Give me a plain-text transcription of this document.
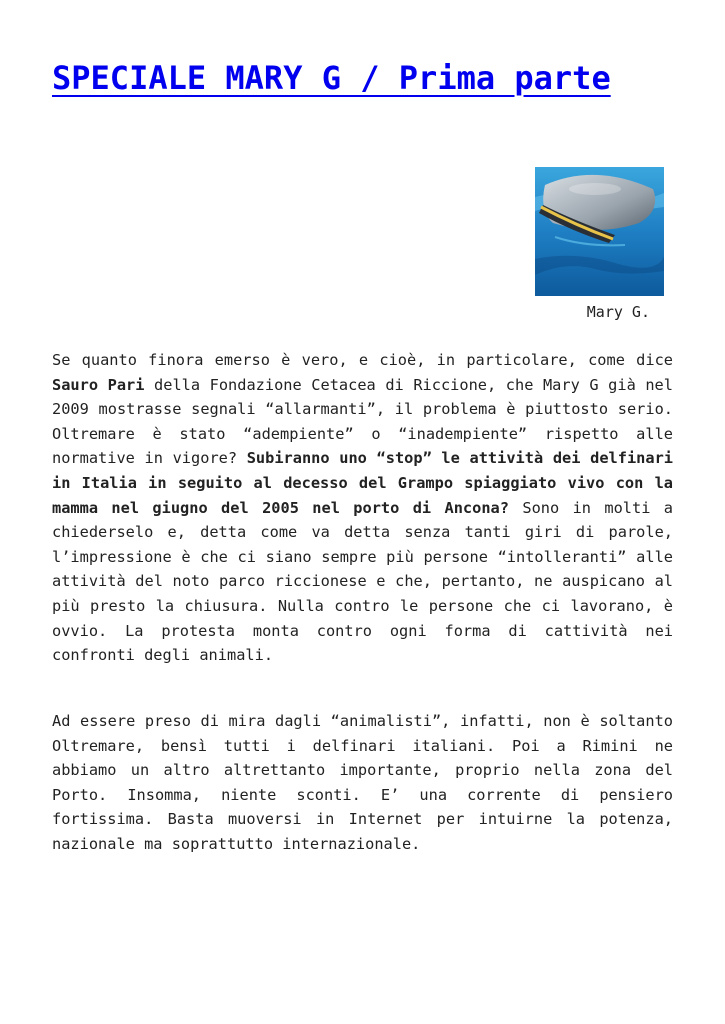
SPECIALE MARY G / Prima parte
Mary G.

Se quanto finora emerso è vero, e cioè, in particolare, come dice Sauro Pari della Fondazione Cetacea di Riccione, che Mary G già nel 2009 mostrasse segnali “allarmanti”, il problema è piuttosto serio. Oltremare è stato “adempiente” o “inadempiente” rispetto alle normative in vigore? Subiranno uno “stop” le attività dei delfinari in Italia in seguito al decesso del Grampo spiaggiato vivo con la mamma nel giugno del 2005 nel porto di Ancona? Sono in molti a chiederselo e, detta come va detta senza tanti giri di parole, l’impressione è che ci siano sempre più persone “intolleranti” alle attività del noto parco riccionese e che, pertanto, ne auspicano al più presto la chiusura. Nulla contro le persone che ci lavorano, è ovvio. La protesta monta contro ogni forma di cattività nei confronti degli animali.

Ad essere preso di mira dagli “animalisti”, infatti, non è soltanto Oltremare, bensì tutti i delfinari italiani. Poi a Rimini ne abbiamo un altro altrettanto importante, proprio nella zona del Porto. Insomma, niente sconti. E’ una corrente di pensiero fortissima. Basta muoversi in Internet per intuirne la potenza, nazionale ma soprattutto internazionale.
